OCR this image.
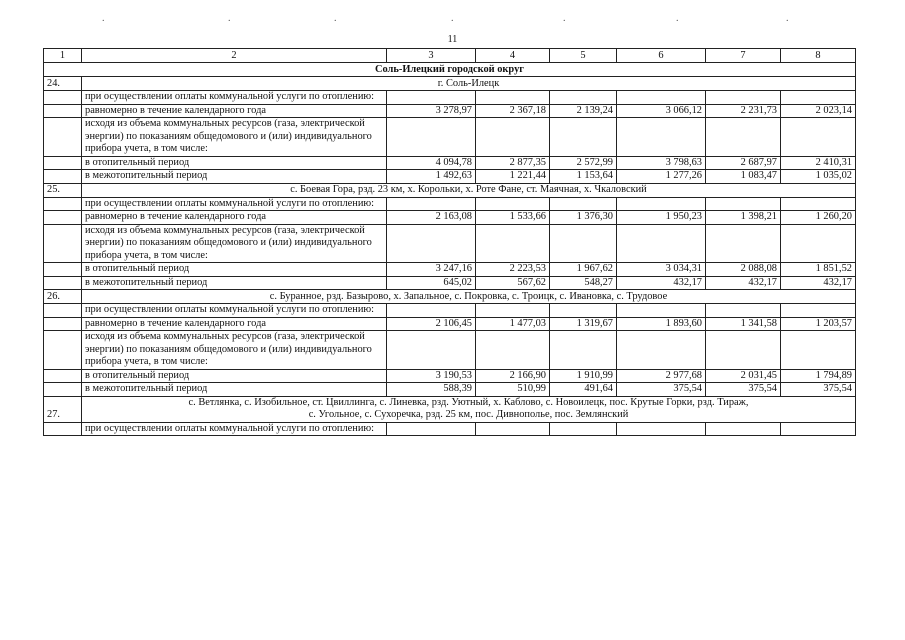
.	.	.	.	.	.	.
11
1	2	3	4	5	6	7	8
Соль-Илецкий городской округ							
24.	г. Соль-Илецк						

	при осуществлении оплаты коммунальной услуги по отоплению:						
	равномерно в течение календарного года	3 278,97	2 367,18	2 139,24	3 066,12	2 231,73	2 023,14
	исходя из объема коммунальных ресурсов (газа, электрической энергии) по показаниям общедомового и (или) индивидуального прибора учета, в том числе:						
	в отопительный период	4 094,78	2 877,35	2 572,99	3 798,63	2 687,97	2 410,31
	в межотопительный период	1 492,63	1 221,44	1 153,64	1 277,26	1 083,47	1 035,02
25.	с. Боевая Гора, рзд. 23 км, х. Корольки, х. Роте Фане, ст. Маячная, х. Чкаловский						

	при осуществлении оплаты коммунальной услуги по отоплению:						
	равномерно в течение календарного года	2 163,08	1 533,66	1 376,30	1 950,23	1 398,21	1 260,20
	исходя из объема коммунальных ресурсов (газа, электрической энергии) по показаниям общедомового и (или) индивидуального прибора учета, в том числе:						
	в отопительный период	3 247,16	2 223,53	1 967,62	3 034,31	2 088,08	1 851,52
	в межотопительный период	645,02	567,62	548,27	432,17	432,17	432,17
26.	с. Буранное, рзд. Базырово, х. Запальное, с. Покровка, с. Троицк, с. Ивановка, с. Трудовое						

	при осуществлении оплаты коммунальной услуги по отоплению:						
	равномерно в течение календарного года	2 106,45	1 477,03	1 319,67	1 893,60	1 341,58	1 203,57
	исходя из объема коммунальных ресурсов (газа, электрической энергии) по показаниям общедомового и (или) индивидуального прибора учета, в том числе:						
	в отопительный период	3 190,53	2 166,90	1 910,99	2 977,68	2 031,45	1 794,89
	в межотопительный период	588,39	510,99	491,64	375,54	375,54	375,54
27.	с. Ветлянка, с. Изобильное, ст. Цвиллинга, с. Линевка, рзд. Уютный, х. Каблово, с. Новоилецк, пос. Крутые Горки, рзд. Тираж,
с. Угольное, с. Сухоречка, рзд. 25 км, пос. Дивнополье, пос. Землянский						

	при осуществлении оплаты коммунальной услуги по отоплению:						
